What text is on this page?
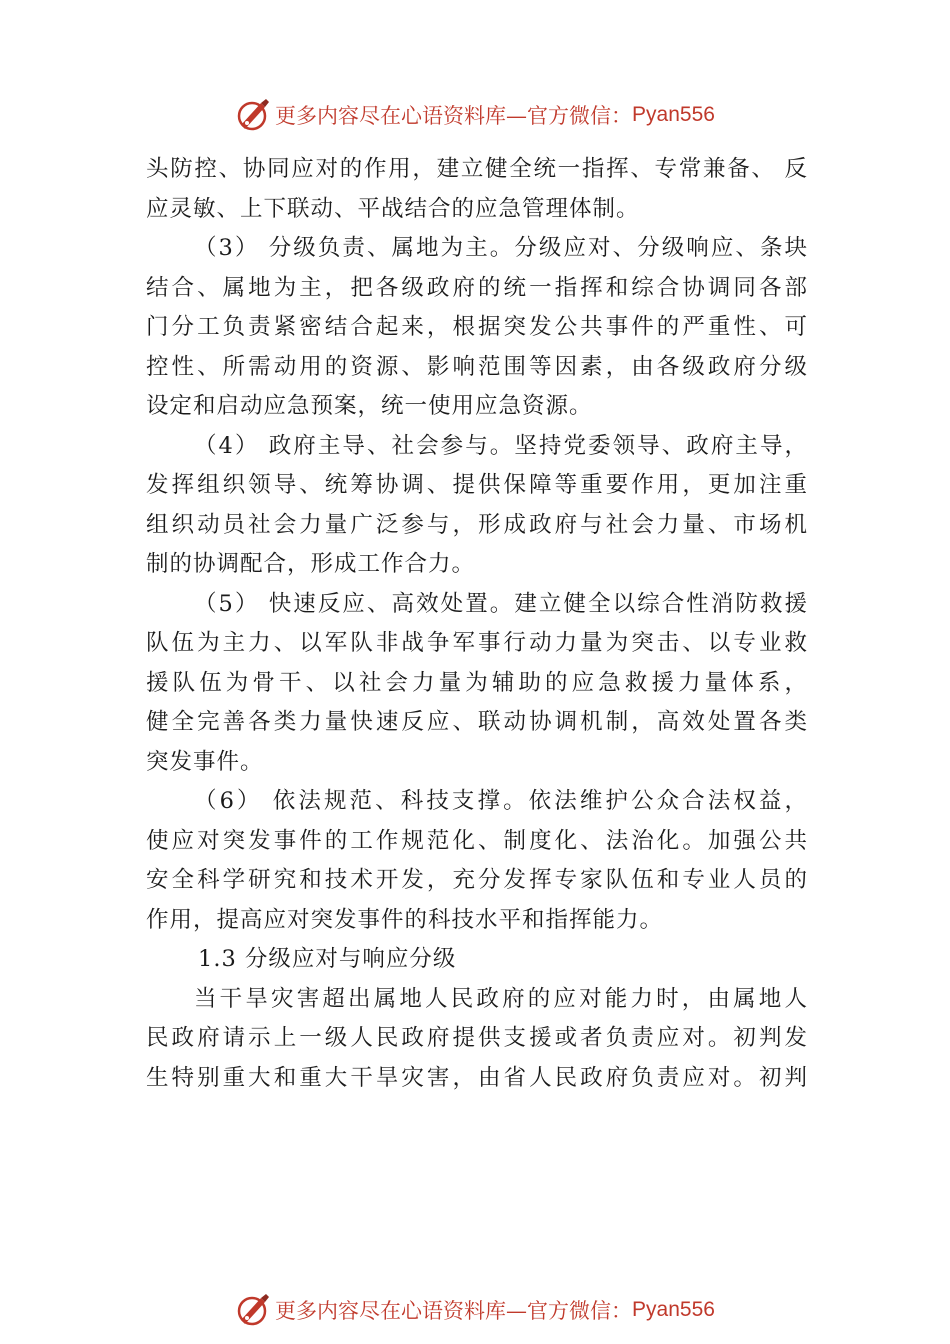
更多内容尽在心语资料库—官方微信： Pyan556
头防控、协同应对的作用，建立健全统一指挥、专常兼备、 反
应灵敏、上下联动、平战结合的应急管理体制。
（3） 分级负责、属地为主。分级应对、分级响应、条块
结合、属地为主，把各级政府的统一指挥和综合协调同各部
门分工负责紧密结合起来，根据突发公共事件的严重性、可
控性、所需动用的资源、影响范围等因素，由各级政府分级
设定和启动应急预案，统一使用应急资源。
（4） 政府主导、社会参与。坚持党委领导、政府主导，
发挥组织领导、统筹协调、提供保障等重要作用，更加注重
组织动员社会力量广泛参与，形成政府与社会力量、市场机
制的协调配合，形成工作合力。
（5） 快速反应、高效处置。建立健全以综合性消防救援
队伍为主力、以军队非战争军事行动力量为突击、以专业救
援队伍为骨干、以社会力量为辅助的应急救援力量体系，
健全完善各类力量快速反应、联动协调机制，高效处置各类
突发事件。
（6） 依法规范、科技支撑。依法维护公众合法权益，
使应对突发事件的工作规范化、制度化、法治化。加强公共
安全科学研究和技术开发，充分发挥专家队伍和专业人员的
作用，提高应对突发事件的科技水平和指挥能力。
1.3 分级应对与响应分级
当干旱灾害超出属地人民政府的应对能力时，由属地人
民政府请示上一级人民政府提供支援或者负责应对。初判发
生特别重大和重大干旱灾害，由省人民政府负责应对。初判
更多内容尽在心语资料库—官方微信： Pyan556
